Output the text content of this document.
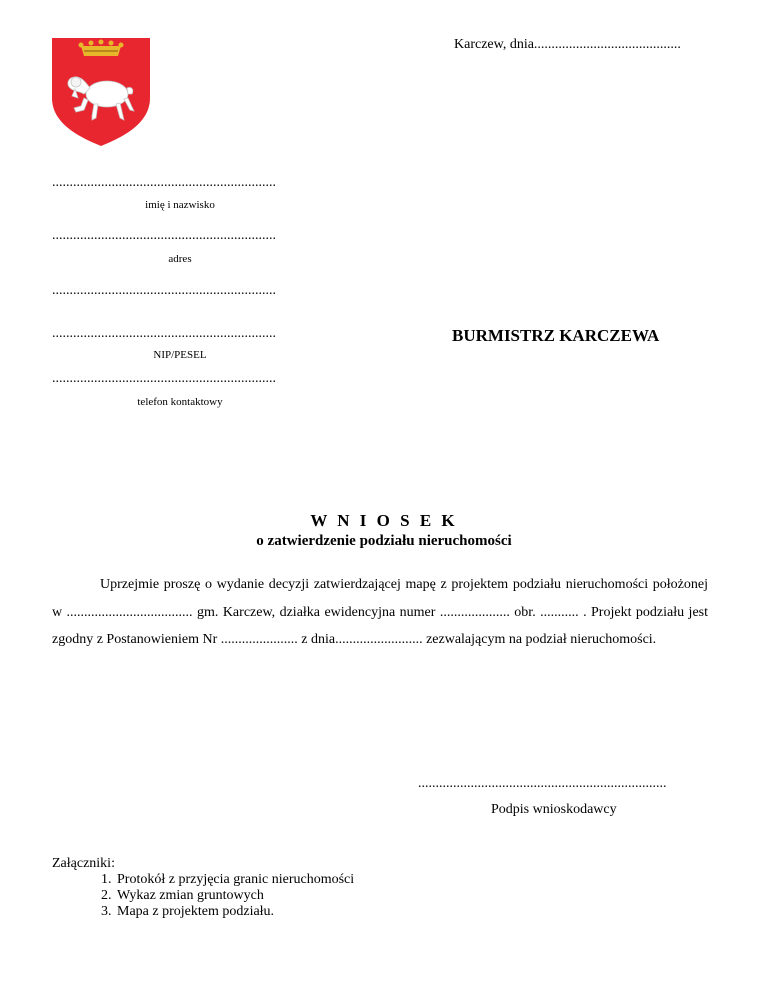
Karczew, dnia..........................................
................................................................
imię i nazwisko
................................................................
adres
................................................................
................................................................
NIP/PESEL
................................................................
telefon kontaktowy
BURMISTRZ KARCZEWA
W N I O S E K
o zatwierdzenie podziału nieruchomości
Uprzejmie proszę o wydanie decyzji zatwierdzającej mapę z projektem podziału nieruchomości położonej w .................................... gm. Karczew, działka ewidencyjna numer .................... obr. ........... . Projekt podziału jest zgodny z Postanowieniem Nr ...................... z dnia......................... zezwalającym na podział nieruchomości.
.......................................................................
Podpis wnioskodawcy
Załączniki:
1. Protokół z przyjęcia granic nieruchomości
2. Wykaz zmian gruntowych
3. Mapa z projektem podziału.
